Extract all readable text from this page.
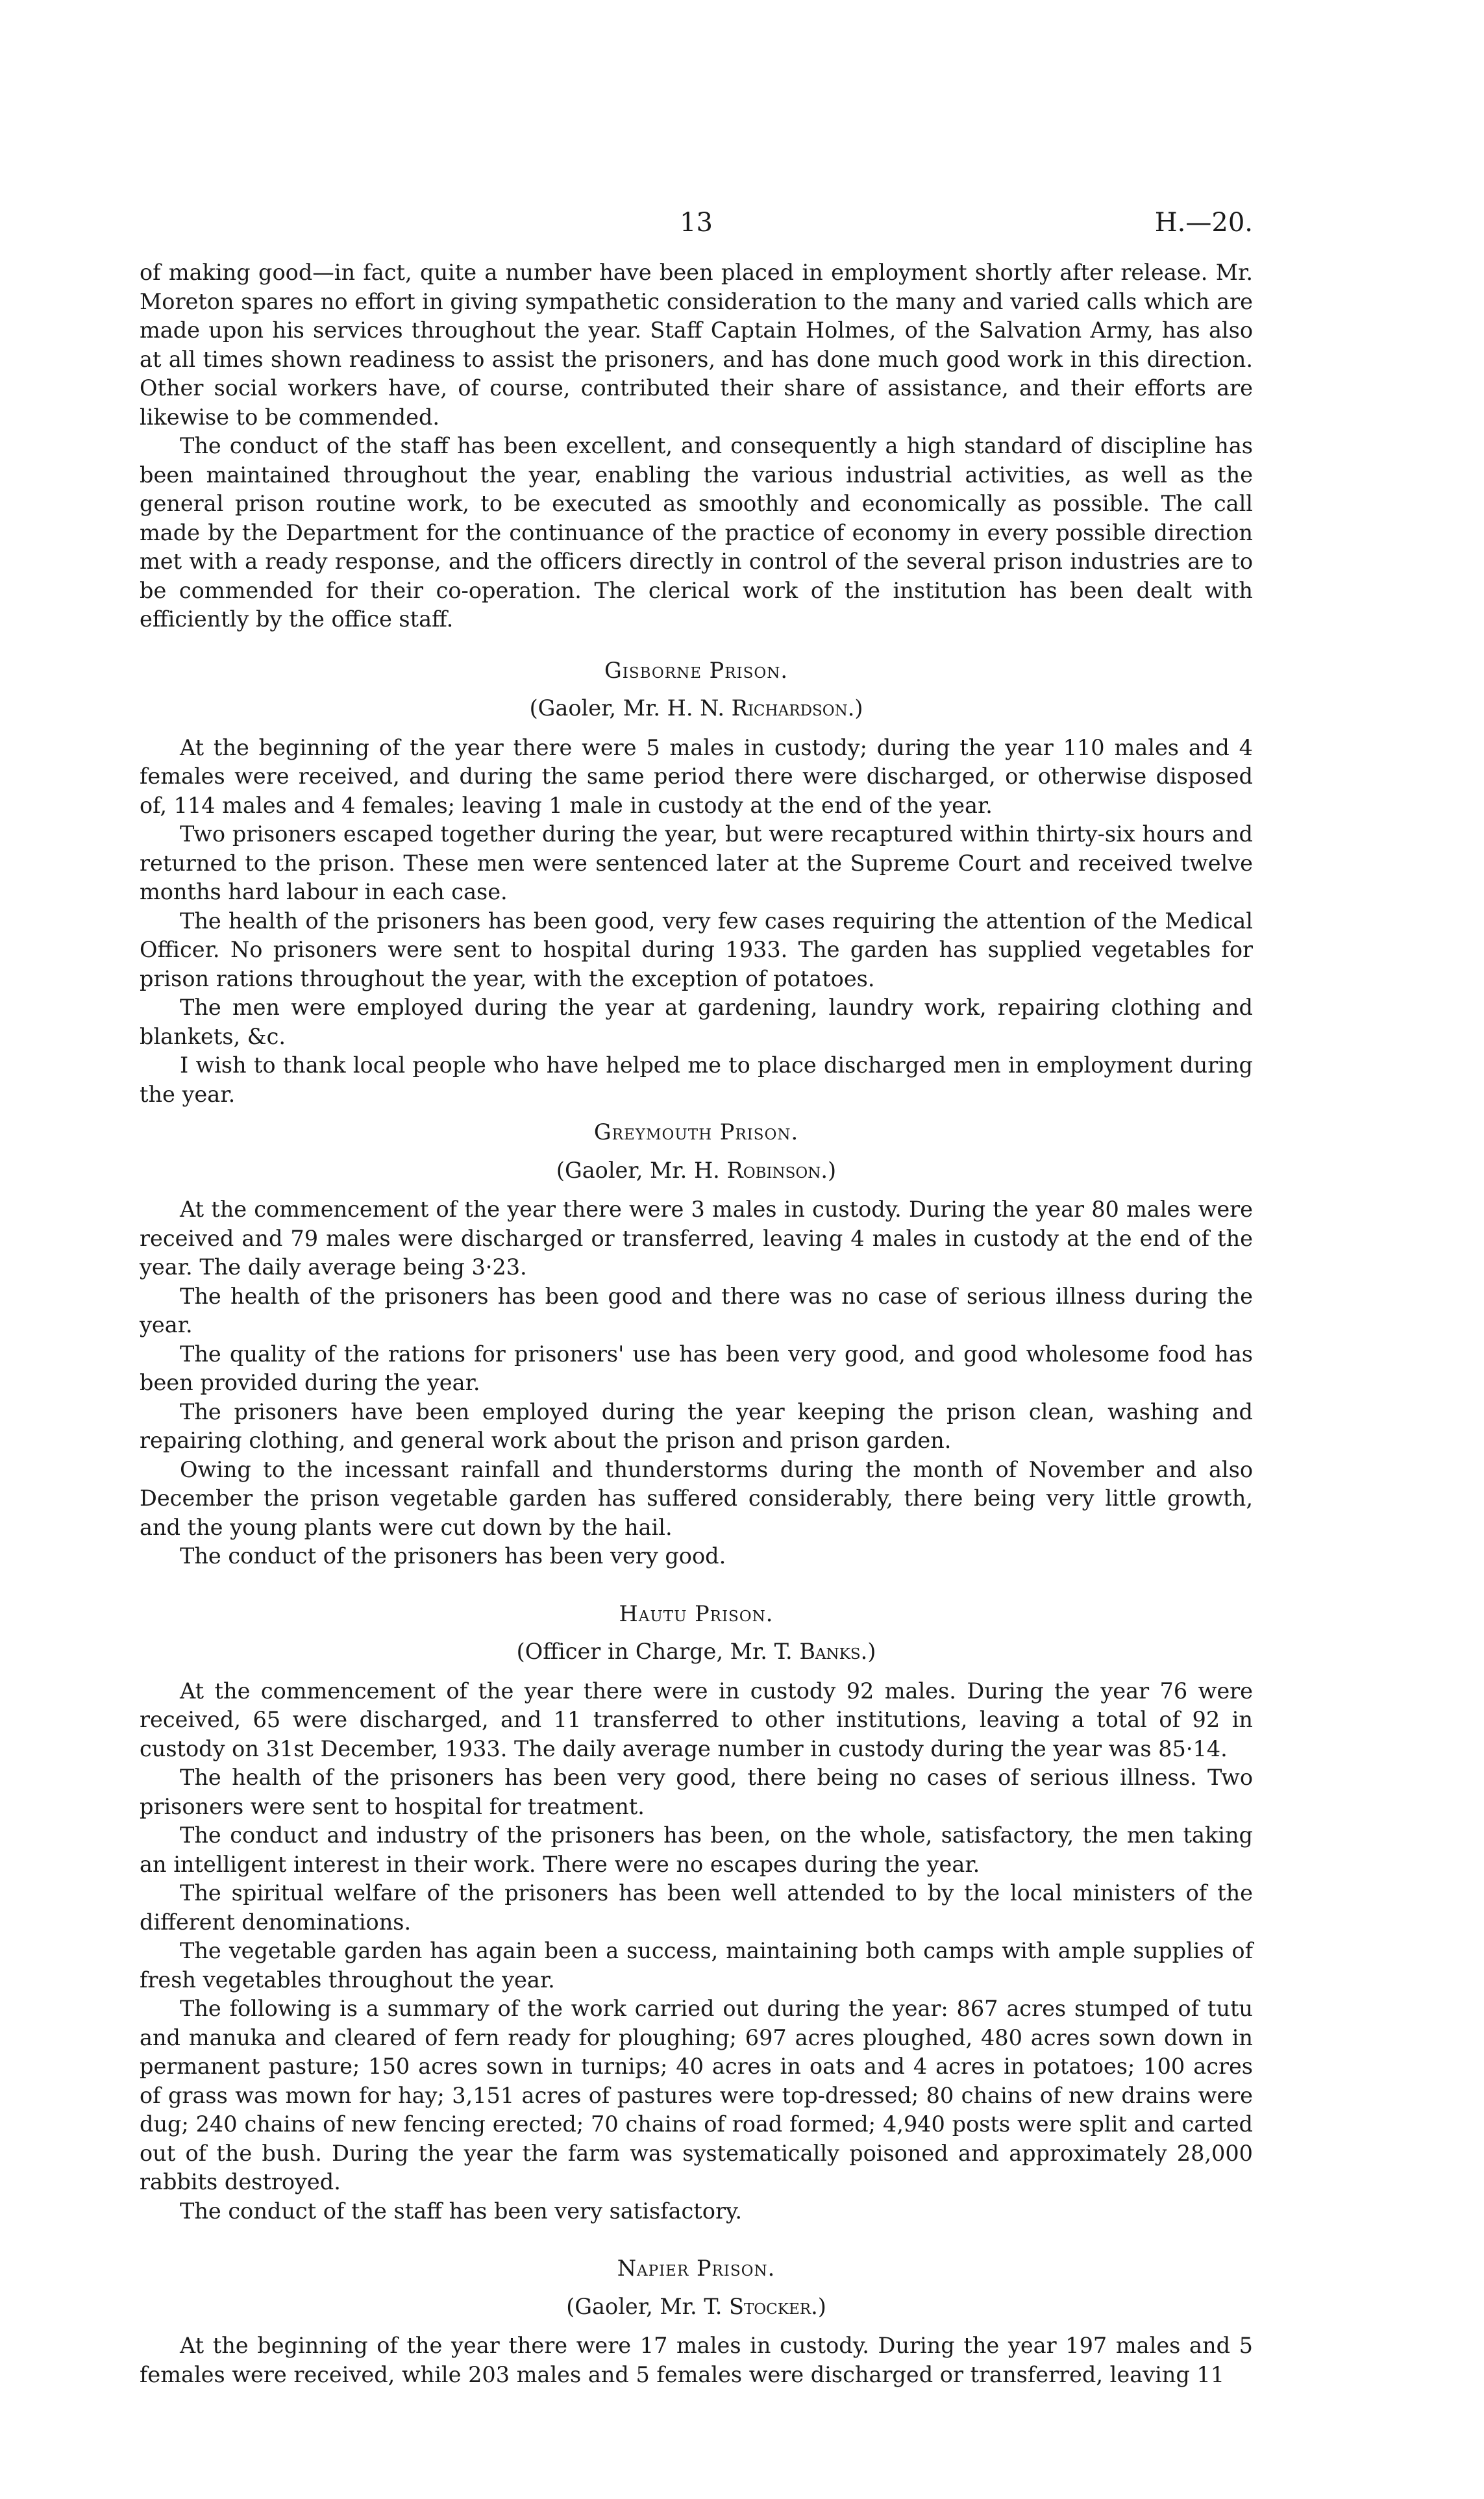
13	H.—20.

of making good—in fact, quite a number have been placed in employment shortly after release. Mr. Moreton spares no effort in giving sympathetic consideration to the many and varied calls which are made upon his services throughout the year. Staff Captain Holmes, of the Salvation Army, has also at all times shown readiness to assist the prisoners, and has done much good work in this direction. Other social workers have, of course, contributed their share of assistance, and their efforts are likewise to be commended.

The conduct of the staff has been excellent, and consequently a high standard of discipline has been maintained throughout the year, enabling the various industrial activities, as well as the general prison routine work, to be executed as smoothly and economically as possible. The call made by the Department for the continuance of the practice of economy in every possible direction met with a ready response, and the officers directly in control of the several prison industries are to be commended for their co-operation. The clerical work of the institution has been dealt with efficiently by the office staff.

Gisborne Prison.
(Gaoler, Mr. H. N. Richardson.)

At the beginning of the year there were 5 males in custody; during the year 110 males and 4 females were received, and during the same period there were discharged, or otherwise disposed of, 114 males and 4 females; leaving 1 male in custody at the end of the year.

Two prisoners escaped together during the year, but were recaptured within thirty-six hours and returned to the prison. These men were sentenced later at the Supreme Court and received twelve months hard labour in each case.

The health of the prisoners has been good, very few cases requiring the attention of the Medical Officer. No prisoners were sent to hospital during 1933. The garden has supplied vegetables for prison rations throughout the year, with the exception of potatoes.

The men were employed during the year at gardening, laundry work, repairing clothing and blankets, &c.

I wish to thank local people who have helped me to place discharged men in employment during the year.

Greymouth Prison.
(Gaoler, Mr. H. Robinson.)

At the commencement of the year there were 3 males in custody. During the year 80 males were received and 79 males were discharged or transferred, leaving 4 males in custody at the end of the year. The daily average being 3·23.

The health of the prisoners has been good and there was no case of serious illness during the year.

The quality of the rations for prisoners' use has been very good, and good wholesome food has been provided during the year.

The prisoners have been employed during the year keeping the prison clean, washing and repairing clothing, and general work about the prison and prison garden.

Owing to the incessant rainfall and thunderstorms during the month of November and also December the prison vegetable garden has suffered considerably, there being very little growth, and the young plants were cut down by the hail.

The conduct of the prisoners has been very good.

Hautu Prison.
(Officer in Charge, Mr. T. Banks.)

At the commencement of the year there were in custody 92 males. During the year 76 were received, 65 were discharged, and 11 transferred to other institutions, leaving a total of 92 in custody on 31st December, 1933. The daily average number in custody during the year was 85·14.

The health of the prisoners has been very good, there being no cases of serious illness. Two prisoners were sent to hospital for treatment.

The conduct and industry of the prisoners has been, on the whole, satisfactory, the men taking an intelligent interest in their work. There were no escapes during the year.

The spiritual welfare of the prisoners has been well attended to by the local ministers of the different denominations.

The vegetable garden has again been a success, maintaining both camps with ample supplies of fresh vegetables throughout the year.

The following is a summary of the work carried out during the year: 867 acres stumped of tutu and manuka and cleared of fern ready for ploughing; 697 acres ploughed, 480 acres sown down in permanent pasture; 150 acres sown in turnips; 40 acres in oats and 4 acres in potatoes; 100 acres of grass was mown for hay; 3,151 acres of pastures were top-dressed; 80 chains of new drains were dug; 240 chains of new fencing erected; 70 chains of road formed; 4,940 posts were split and carted out of the bush. During the year the farm was systematically poisoned and approximately 28,000 rabbits destroyed.

The conduct of the staff has been very satisfactory.

Napier Prison.
(Gaoler, Mr. T. Stocker.)

At the beginning of the year there were 17 males in custody. During the year 197 males and 5 females were received, while 203 males and 5 females were discharged or transferred, leaving 11
